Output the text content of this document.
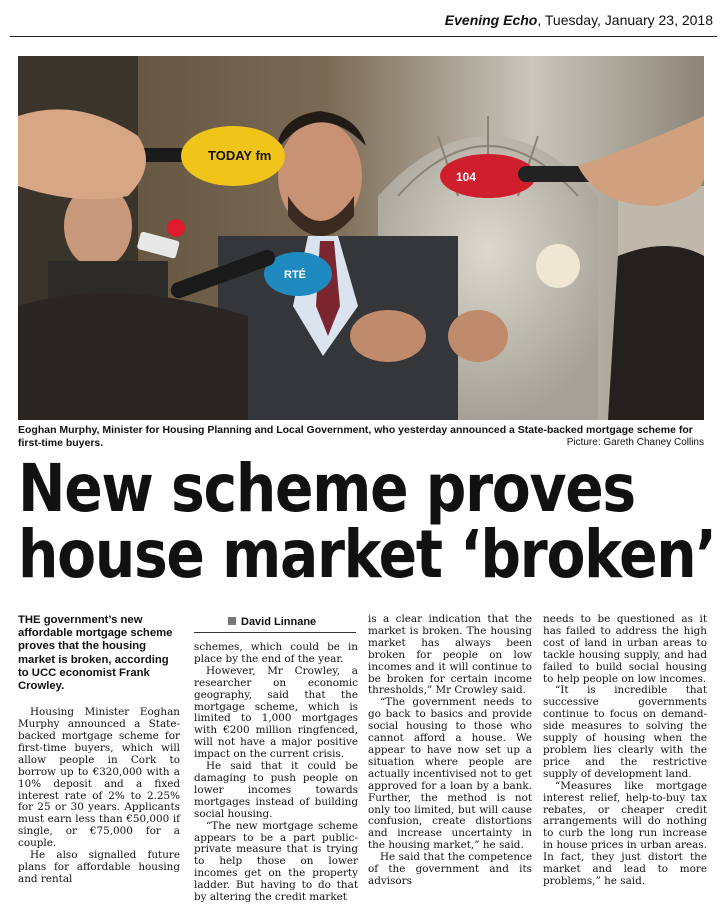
Evening Echo, Tuesday, January 23, 2018
TODAY fm
104
RTÉ
Eoghan Murphy, Minister for Housing Planning and Local Government, who yesterday announced a State-backed mortgage scheme for first-time buyers.	Picture: Gareth Chaney Collins
New scheme proves
house market ‘broken’
David Linnane
THE government’s new affordable mortgage scheme proves that the housing market is broken, according to UCC economist Frank Crowley.

Housing Minister Eoghan Murphy announced a State-backed mortgage scheme for first-time buyers, which will allow people in Cork to borrow up to €320,000 with a 10% deposit and a fixed interest rate of 2% to 2.25% for 25 or 30 years. Applicants must earn less than €50,000 if single, or €75,000 for a couple.

He also signalled future plans for affordable housing and rental

schemes, which could be in place by the end of the year.

However, Mr Crowley, a researcher on economic geography, said that the mortgage scheme, which is limited to 1,000 mortgages with €200 million ringfenced, will not have a major positive impact on the current crisis.

He said that it could be damaging to push people on lower incomes towards mortgages instead of building social housing.

“The new mortgage scheme appears to be a part public-private measure that is trying to help those on lower incomes get on the property ladder. But having to do that by altering the credit market

is a clear indication that the market is broken. The housing market has always been broken for people on low incomes and it will continue to be broken for certain income thresholds,” Mr Crowley said.

“The government needs to go back to basics and provide social housing to those who cannot afford a house. We appear to have now set up a situation where people are actually incentivised not to get approved for a loan by a bank. Further, the method is not only too limited, but will cause confusion, create distortions and increase uncertainty in the housing market,” he said.

He said that the competence of the government and its advisors

needs to be questioned as it has failed to address the high cost of land in urban areas to tackle housing supply, and had failed to build social housing to help people on low incomes.

“It is incredible that successive governments continue to focus on demand-side measures to solving the supply of housing when the problem lies clearly with the price and the restrictive supply of development land.

“Measures like mortgage interest relief, help-to-buy tax rebates, or cheaper credit arrangements will do nothing to curb the long run increase in house prices in urban areas. In fact, they just distort the market and lead to more problems,” he said.
